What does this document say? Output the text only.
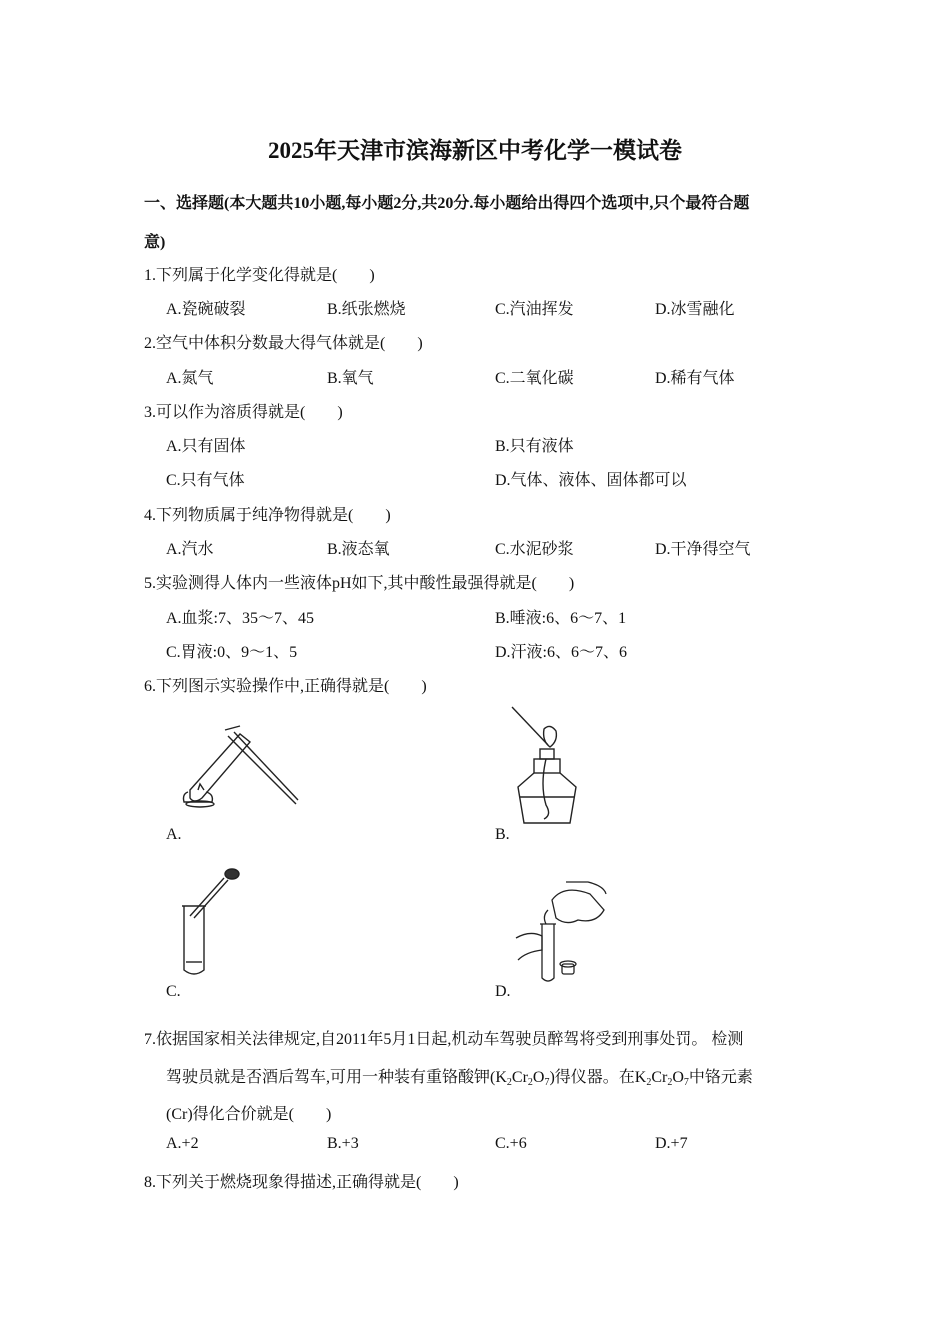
2025年天津市滨海新区中考化学一模试卷
一、选择题(本大题共10小题,每小题2分,共20分.每小题给出得四个选项中,只个最符合题
意)
1.下列属于化学变化得就是(　　)
A.瓷碗破裂	B.纸张燃烧	C.汽油挥发	D.冰雪融化
2.空气中体积分数最大得气体就是(　　)
A.氮气	B.氧气	C.二氧化碳	D.稀有气体
3.可以作为溶质得就是(　　)
A.只有固体	B.只有液体
C.只有气体	D.气体、液体、固体都可以
4.下列物质属于纯净物得就是(　　)
A.汽水	B.液态氧	C.水泥砂浆	D.干净得空气
5.实验测得人体内一些液体pH如下,其中酸性最强得就是(　　)
A.血浆:7、35～7、45	B.唾液:6、6～7、1
C.胃液:0、9～1、5	D.汗液:6、6～7、6
6.下列图示实验操作中,正确得就是(　　)
A.	B.
C.	D.
7.依据国家相关法律规定,自2011年5月1日起,机动车驾驶员醉驾将受到刑事处罚。 检测
驾驶员就是否酒后驾车,可用一种装有重铬酸钾$(K_2Cr_2O_7)$得仪器。在$K_2Cr_2O_7$中铬元素
(Cr)得化合价就是(　　)
A.+2	B.+3	C.+6	D.+7
8.下列关于燃烧现象得描述,正确得就是(　　)
